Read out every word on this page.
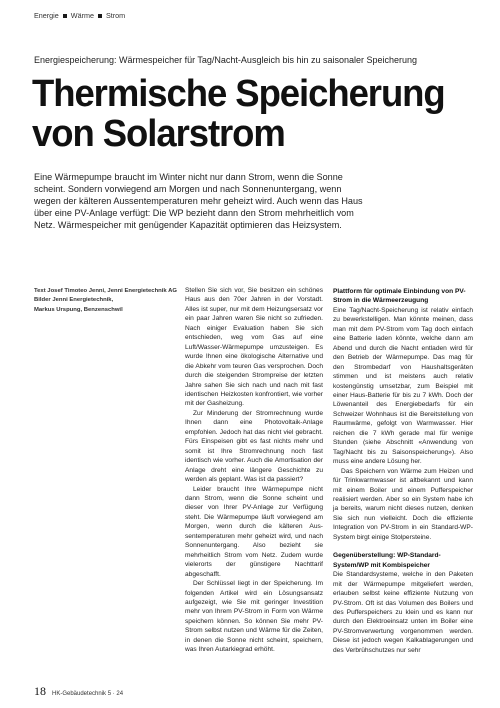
Energie Wärme Strom
Energiespeicherung: Wärmespeicher für Tag/Nacht-Ausgleich bis hin zu saisonaler Speicherung
Thermische Speicherung
von Solarstrom

Eine Wärmepumpe braucht im Winter nicht nur dann Strom, wenn die Sonne scheint. Sondern vorwiegend am Morgen und nach Sonnenuntergang, wenn wegen der kälteren Aussentemperaturen mehr geheizt wird. Auch wenn das Haus über eine PV-Anlage verfügt: Die WP bezieht dann den Strom mehrheitlich vom Netz. Wärmespeicher mit genügender Kapazität optimieren das Heizsystem.

Text Josef Timoteo Jenni, Jenni Energietechnik AG
Bilder Jenni Energietechnik,
Markus Urspung, Benzenschwil

Stellen Sie sich vor, Sie besitzen ein schönes Haus aus den 70er Jahren in der Vorstadt. Alles ist super, nur mit dem Heizungsersatz vor ein paar Jahren waren Sie nicht so zufrieden. Nach einiger Evaluation haben Sie sich entschieden, weg vom Gas auf eine Luft/Wasser-Wärmepumpe umzusteigen. Es wurde Ihnen eine ökologische Alternative und die Abkehr vom teuren Gas versprochen. Doch durch die steigenden Strompreise der letzten Jahre sahen Sie sich nach und nach mit fast identischen Heizkosten konfrontiert, wie vorher mit der Gasheizung.

Zur Minderung der Stromrechnung wurde Ihnen dann eine Photovoltaik-Anlage empfohlen. Jedoch hat das nicht viel gebracht. Fürs Einspeisen gibt es fast nichts mehr und somit ist Ihre Stromrechnung noch fast identisch wie vorher. Auch die Amortisation der Anlage dreht eine längere Geschichte zu werden als geplant. Was ist da passiert?

Leider braucht Ihre Wärmepumpe nicht dann Strom, wenn die Sonne scheint und dieser von Ihrer PV-Anlage zur Verfügung steht. Die Wärmepumpe läuft vorwiegend am Morgen, wenn durch die kälteren Aussentemperaturen mehr geheizt wird, und nach Sonnenuntergang. Also bezieht sie mehrheitlich Strom vom Netz. Zudem wurde vielerorts der günstigere Nachttarif abgeschafft.

Der Schlüssel liegt in der Speicherung. Im folgenden Artikel wird ein Lösungsansatz aufgezeigt, wie Sie mit geringer Investition mehr von Ihrem PV-Strom in Form von Wärme speichern können. So können Sie mehr PV-Strom selbst nutzen und Wärme für die Zeiten, in denen die Sonne nicht scheint, speichern, was Ihren Autarkiegrad erhöht.

Plattform für optimale Einbindung von PV-Strom in die Wärmeerzeugung

Eine Tag/Nacht-Speicherung ist relativ einfach zu bewerkstelligen. Man könnte meinen, dass man mit dem PV-Strom vom Tag doch einfach eine Batterie laden könnte, welche dann am Abend und durch die Nacht entladen wird für den Betrieb der Wärmepumpe. Das mag für den Strombedarf von Haushaltsgeräten stimmen und ist meistens auch relativ kostengünstig umsetzbar, zum Beispiel mit einer Haus-Batterie für bis zu 7 kWh. Doch der Löwenanteil des Energiebedarfs für ein Schweizer Wohnhaus ist die Bereitstellung von Raumwärme, gefolgt von Warmwasser. Hier reichen die 7 kWh gerade mal für wenige Stunden (siehe Abschnitt «Anwendung von Tag/Nacht bis zu Saisonspeicherung»). Also muss eine andere Lösung her.

Das Speichern von Wärme zum Heizen und für Trinkwarmwasser ist altbekannt und kann mit einem Boiler und einem Pufferspeicher realisiert werden. Aber so ein System habe ich ja bereits, warum nicht dieses nutzen, denken Sie sich nun vielleicht. Doch die effiziente Integration von PV-Strom in ein Standard-WP-System birgt einige Stolpersteine.

Gegenüberstellung: WP-Standard-System/WP mit Kombispeicher

Die Standardsysteme, welche in den Paketen mit der Wärmepumpe mitgeliefert werden, erlauben selbst keine effiziente Nutzung von PV-Strom. Oft ist das Volumen des Boilers und des Pufferspeichers zu klein und es kann nur durch den Elektroeinsatz unten im Boiler eine PV-Stromverwertung vorgenommen werden. Diese ist jedoch wegen Kalkablagerungen und des Verbrühschutzes nur sehr

18 HK-Gebäudetechnik 5 · 24
